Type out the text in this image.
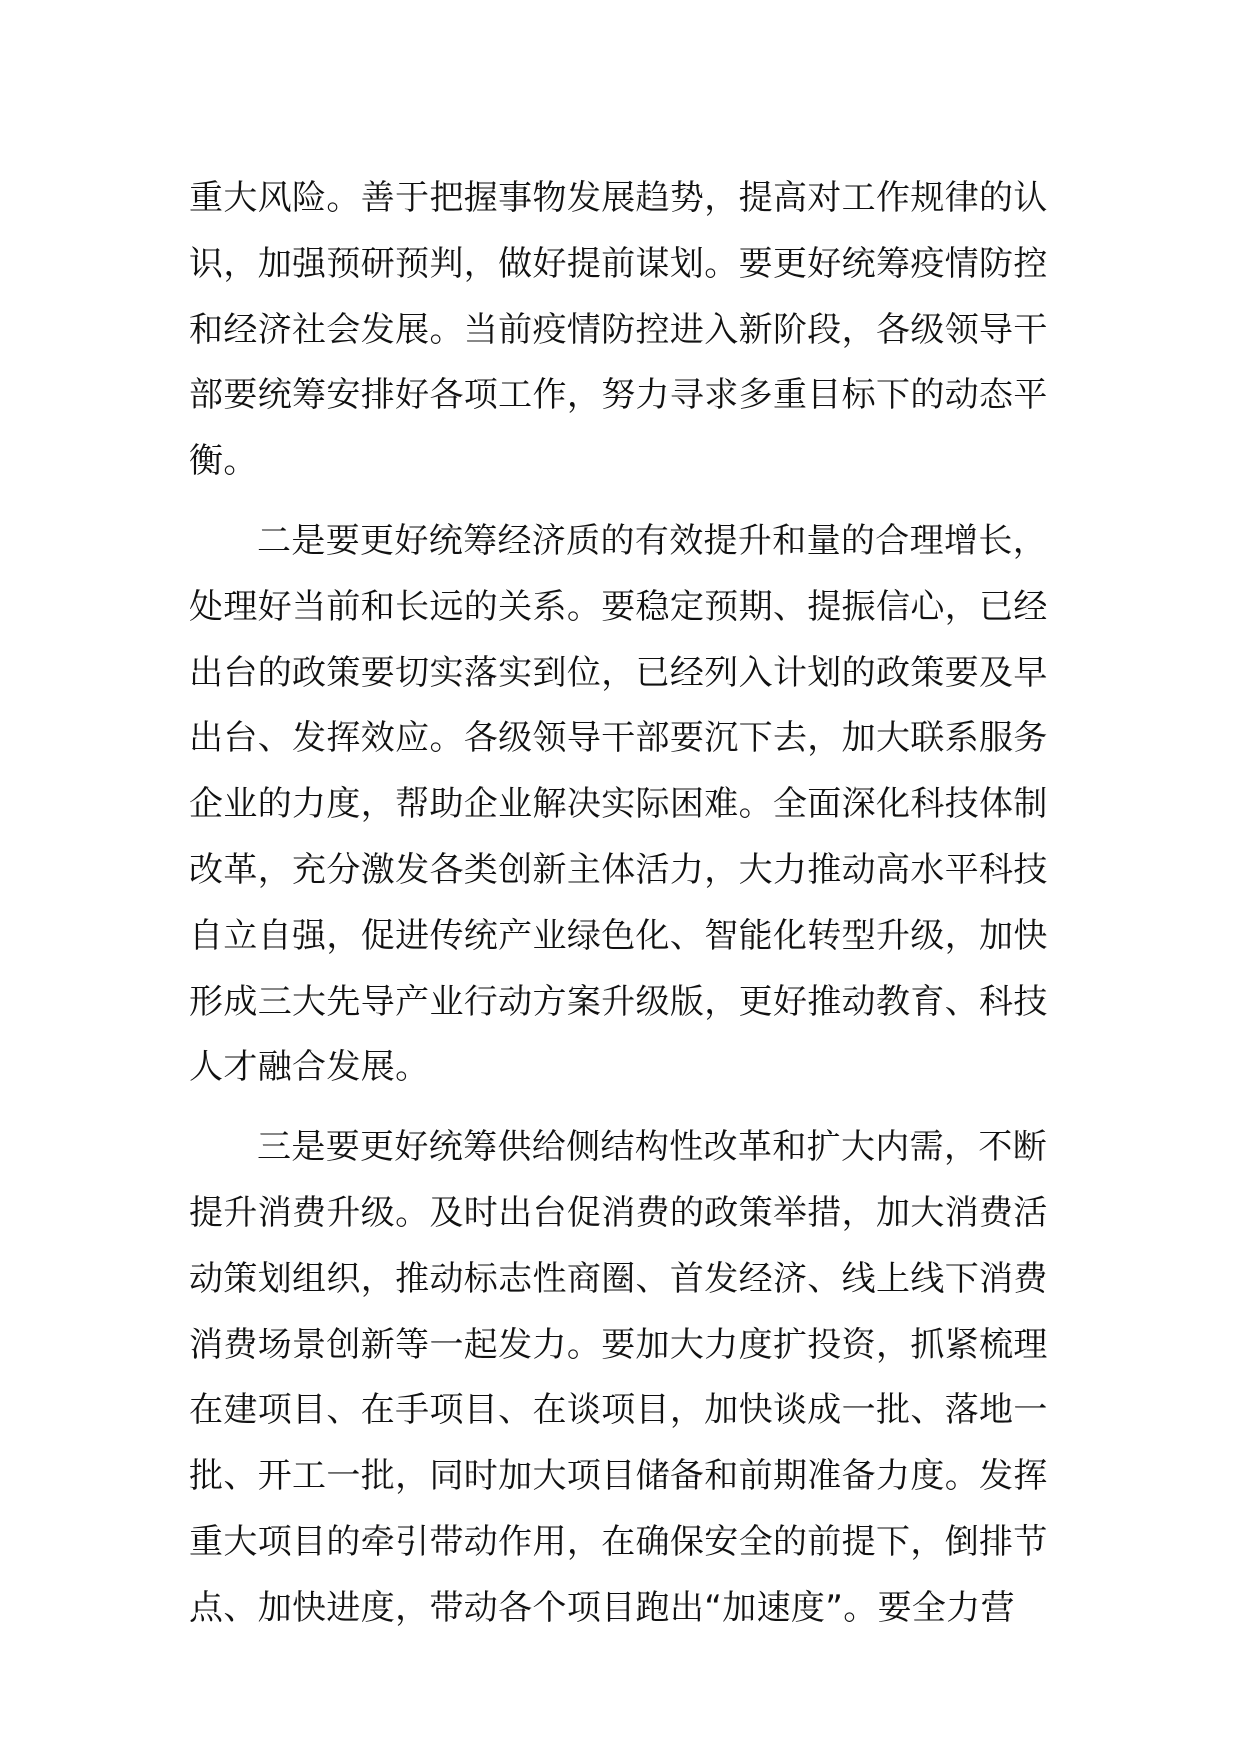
重大风险。善于把握事物发展趋势，提高对工作规律的认
识，加强预研预判，做好提前谋划。要更好统筹疫情防控
和经济社会发展。当前疫情防控进入新阶段，各级领导干
部要统筹安排好各项工作，努力寻求多重目标下的动态平
衡。
二是要更好统筹经济质的有效提升和量的合理增长，
处理好当前和长远的关系。要稳定预期、提振信心，已经
出台的政策要切实落实到位，已经列入计划的政策要及早
出台、发挥效应。各级领导干部要沉下去，加大联系服务
企业的力度，帮助企业解决实际困难。全面深化科技体制
改革，充分激发各类创新主体活力，大力推动高水平科技
自立自强，促进传统产业绿色化、智能化转型升级，加快
形成三大先导产业行动方案升级版，更好推动教育、科技
人才融合发展。
三是要更好统筹供给侧结构性改革和扩大内需，不断
提升消费升级。及时出台促消费的政策举措，加大消费活
动策划组织，推动标志性商圈、首发经济、线上线下消费
消费场景创新等一起发力。要加大力度扩投资，抓紧梳理
在建项目、在手项目、在谈项目，加快谈成一批、落地一
批、开工一批，同时加大项目储备和前期准备力度。发挥
重大项目的牵引带动作用，在确保安全的前提下，倒排节
点、加快进度，带动各个项目跑出“加速度”。要全力营
